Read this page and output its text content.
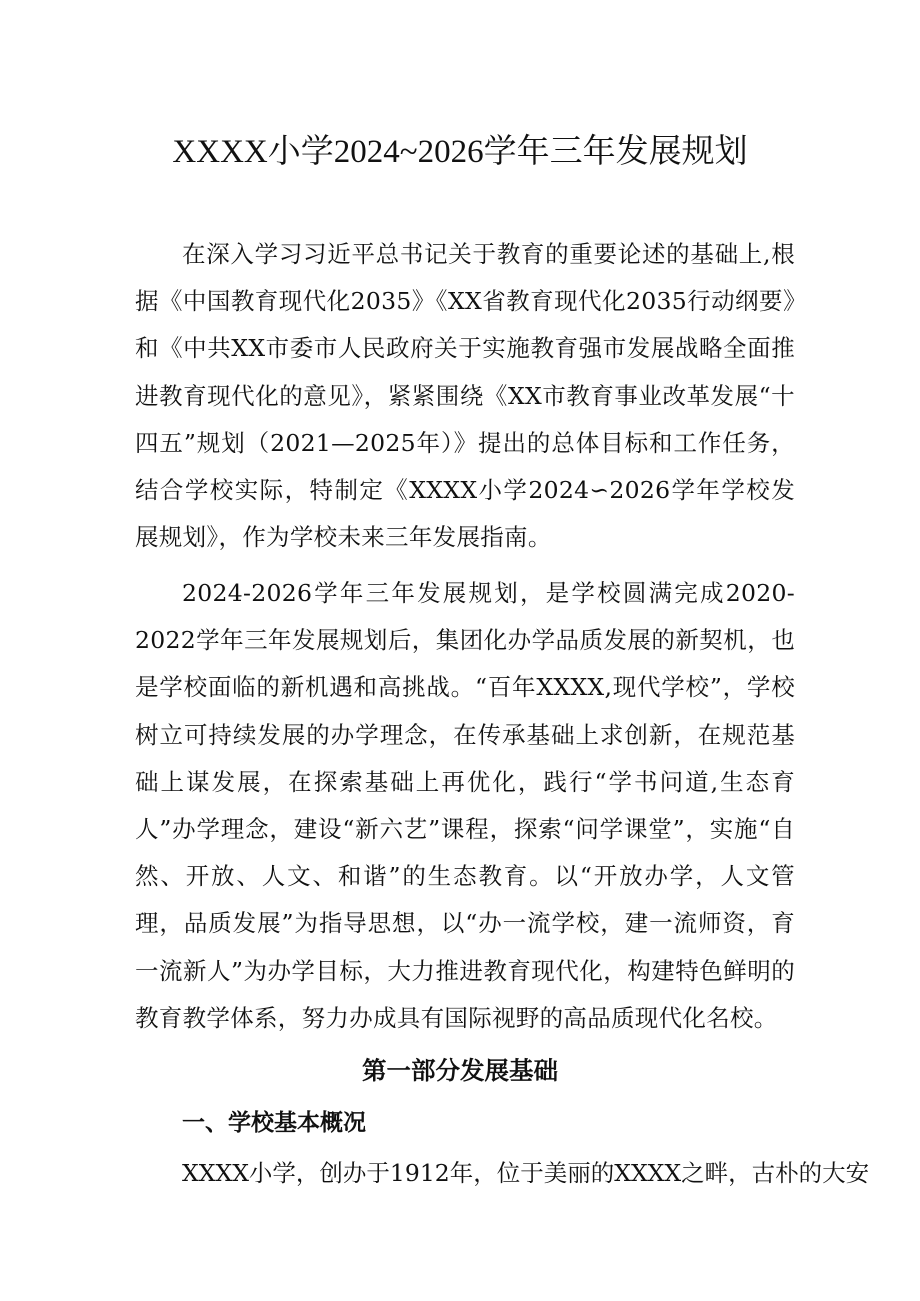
XXXX小学2024~2026学年三年发展规划

在深入学习习近平总书记关于教育的重要论述的基础上,根据《中国教育现代化2035》《XX省教育现代化2035行动纲要》和《中共XX市委市人民政府关于实施教育强市发展战略全面推进教育现代化的意见》，紧紧围绕《XX市教育事业改革发展“十四五”规划（2021—2025年）》提出的总体目标和工作任务，结合学校实际，特制定《XXXX小学2024∽2026学年学校发展规划》，作为学校未来三年发展指南。

2024-2026学年三年发展规划，是学校圆满完成2020-2022学年三年发展规划后，集团化办学品质发展的新契机，也是学校面临的新机遇和高挑战。“百年XXXX,现代学校”，学校树立可持续发展的办学理念，在传承基础上求创新，在规范基础上谋发展，在探索基础上再优化，践行“学书问道,生态育人”办学理念，建设“新六艺”课程，探索“问学课堂”，实施“自然、开放、人文、和谐”的生态教育。以“开放办学，人文管理，品质发展”为指导思想，以“办一流学校，建一流师资，育一流新人”为办学目标，大力推进教育现代化，构建特色鲜明的教育教学体系，努力办成具有国际视野的高品质现代化名校。

第一部分发展基础
一、学校基本概况

XXXX小学，创办于1912年，位于美丽的XXXX之畔，古朴的大安
